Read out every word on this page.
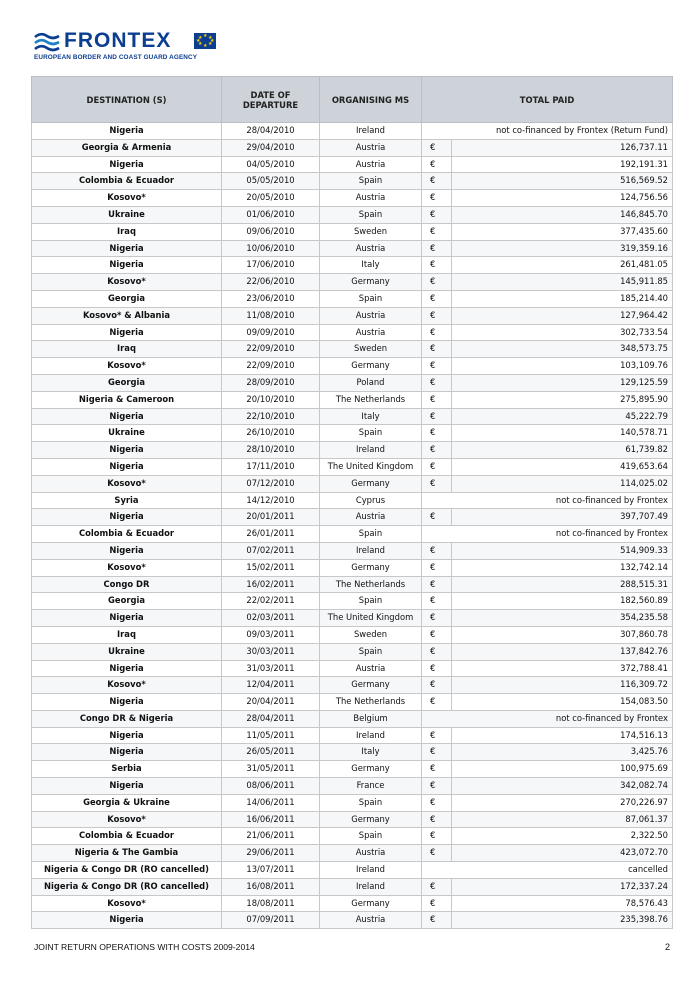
FRONTEX	★ ★
★
★
★
★
★
★
EUROPEAN BORDER AND COAST GUARD AGENCY
DESTINATION (S)	DATE OF DEPARTURE	ORGANISING MS	TOTAL PAID	
Nigeria	28/04/2010	Ireland	not co-financed by Frontex (Return Fund)	
Georgia & Armenia	29/04/2010	Austria	€	126,737.11
Nigeria	04/05/2010	Austria	€	192,191.31
Colombia & Ecuador	05/05/2010	Spain	€	516,569.52
Kosovo*	20/05/2010	Austria	€	124,756.56
Ukraine	01/06/2010	Spain	€	146,845.70
Iraq	09/06/2010	Sweden	€	377,435.60
Nigeria	10/06/2010	Austria	€	319,359.16
Nigeria	17/06/2010	Italy	€	261,481.05
Kosovo*	22/06/2010	Germany	€	145,911.85
Georgia	23/06/2010	Spain	€	185,214.40
Kosovo* & Albania	11/08/2010	Austria	€	127,964.42
Nigeria	09/09/2010	Austria	€	302,733.54
Iraq	22/09/2010	Sweden	€	348,573.75
Kosovo*	22/09/2010	Germany	€	103,109.76
Georgia	28/09/2010	Poland	€	129,125.59
Nigeria & Cameroon	20/10/2010	The Netherlands	€	275,895.90
Nigeria	22/10/2010	Italy	€	45,222.79
Ukraine	26/10/2010	Spain	€	140,578.71
Nigeria	28/10/2010	Ireland	€	61,739.82
Nigeria	17/11/2010	The United Kingdom	€	419,653.64
Kosovo*	07/12/2010	Germany	€	114,025.02
Syria	14/12/2010	Cyprus	not co-financed by Frontex	
Nigeria	20/01/2011	Austria	€	397,707.49
Colombia & Ecuador	26/01/2011	Spain	not co-financed by Frontex	
Nigeria	07/02/2011	Ireland	€	514,909.33
Kosovo*	15/02/2011	Germany	€	132,742.14
Congo DR	16/02/2011	The Netherlands	€	288,515.31
Georgia	22/02/2011	Spain	€	182,560.89
Nigeria	02/03/2011	The United Kingdom	€	354,235.58
Iraq	09/03/2011	Sweden	€	307,860.78
Ukraine	30/03/2011	Spain	€	137,842.76
Nigeria	31/03/2011	Austria	€	372,788.41
Kosovo*	12/04/2011	Germany	€	116,309.72
Nigeria	20/04/2011	The Netherlands	€	154,083.50
Congo DR & Nigeria	28/04/2011	Belgium	not co-financed by Frontex	
Nigeria	11/05/2011	Ireland	€	174,516.13
Nigeria	26/05/2011	Italy	€	3,425.76
Serbia	31/05/2011	Germany	€	100,975.69
Nigeria	08/06/2011	France	€	342,082.74
Georgia & Ukraine	14/06/2011	Spain	€	270,226.97
Kosovo*	16/06/2011	Germany	€	87,061.37
Colombia & Ecuador	21/06/2011	Spain	€	2,322.50
Nigeria & The Gambia	29/06/2011	Austria	€	423,072.70
Nigeria & Congo DR (RO cancelled)	13/07/2011	Ireland	cancelled	
Nigeria & Congo DR (RO cancelled)	16/08/2011	Ireland	€	172,337.24
Kosovo*	18/08/2011	Germany	€	78,576.43
Nigeria	07/09/2011	Austria	€	235,398.76
JOINT RETURN OPERATIONS WITH COSTS 2009-2014	2
